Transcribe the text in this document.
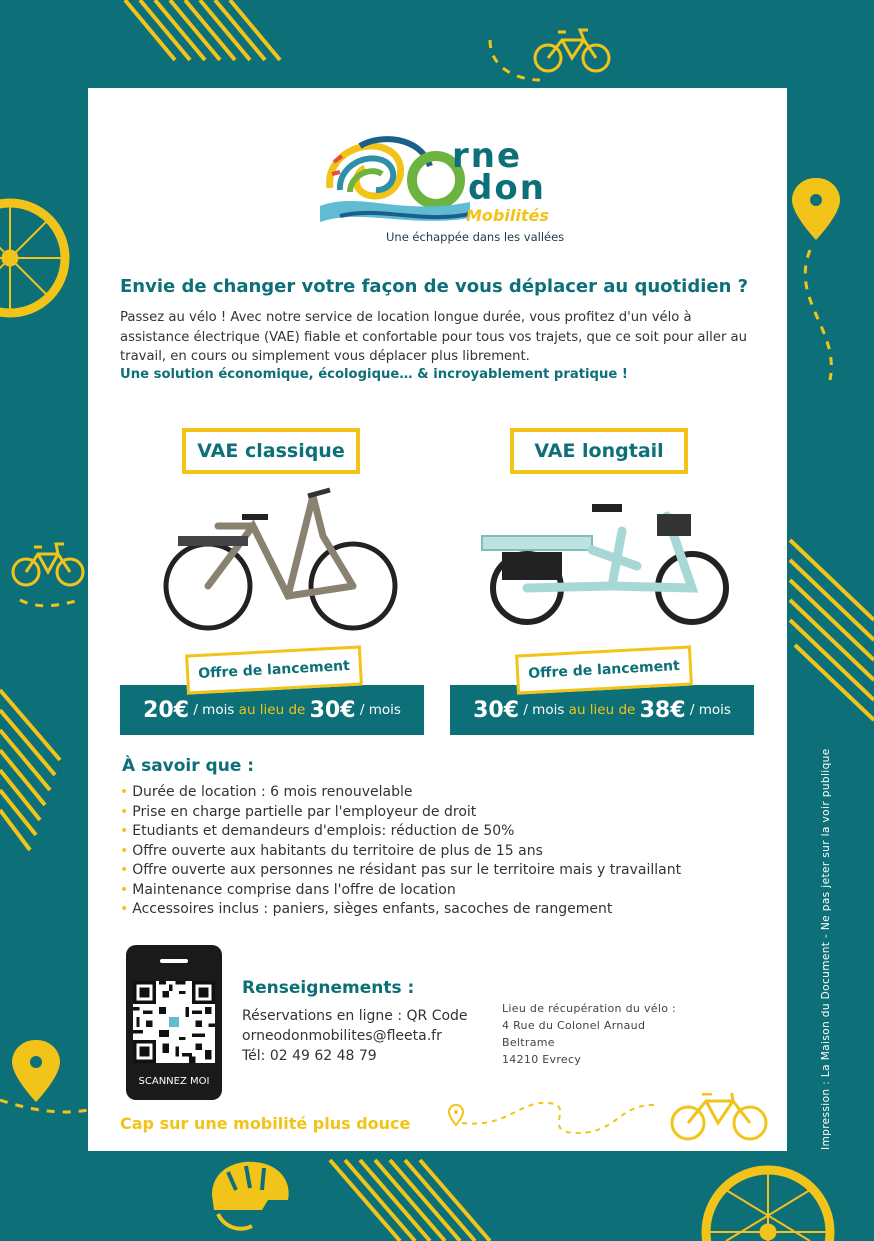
Impression : La Maison du Document - Ne pas jeter sur la voir publique
rne
don
Mobilités
Une échappée dans les vallées
Envie de changer votre façon de vous déplacer au quotidien ?
Passez au vélo ! Avec notre service de location longue durée, vous profitez d'un vélo à assistance électrique (VAE) fiable et confortable pour tous vos trajets, que ce soit pour aller au travail, en cours ou simplement vous déplacer plus librement.
Une solution économique, écologique… & incroyablement pratique !
VAE classique
Offre de lancement
20€
/ mois
au lieu de
30€
/ mois
VAE longtail
Offre de lancement
30€
/ mois
au lieu de
38€
/ mois
À savoir que :
• Durée de location : 6 mois renouvelable
• Prise en charge partielle par l'employeur de droit
• Etudiants et demandeurs d'emplois: réduction de 50%
• Offre ouverte aux habitants du territoire de plus de 15 ans
• Offre ouverte aux personnes ne résidant pas sur le territoire mais y travaillant
• Maintenance comprise dans l'offre de location
• Accessoires inclus : paniers, sièges enfants, sacoches de rangement
SCANNEZ MOI
Renseignements :
Réservations en ligne : QR Code
orneodonmobilites@fleeta.fr
Tél: 02 49 62 48 79
Lieu de récupération du vélo :
4 Rue du Colonel Arnaud
Beltrame
14210 Evrecy
Cap sur une mobilité plus douce
